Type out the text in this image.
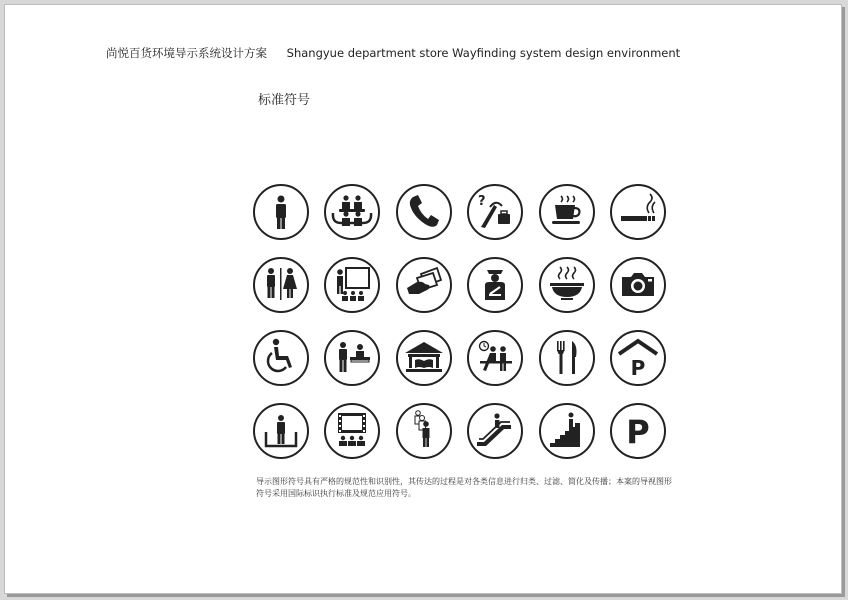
尚悦百货环境导示系统设计方案 Shangyue department store Wayfinding system design environment
标准符号
?
P
P
导示图形符号具有严格的规范性和识别性，其传达的过程是对各类信息进行归类、过滤、简化及传播；本案的导视图形符号采用国际标识执行标准及规范应用符号。
